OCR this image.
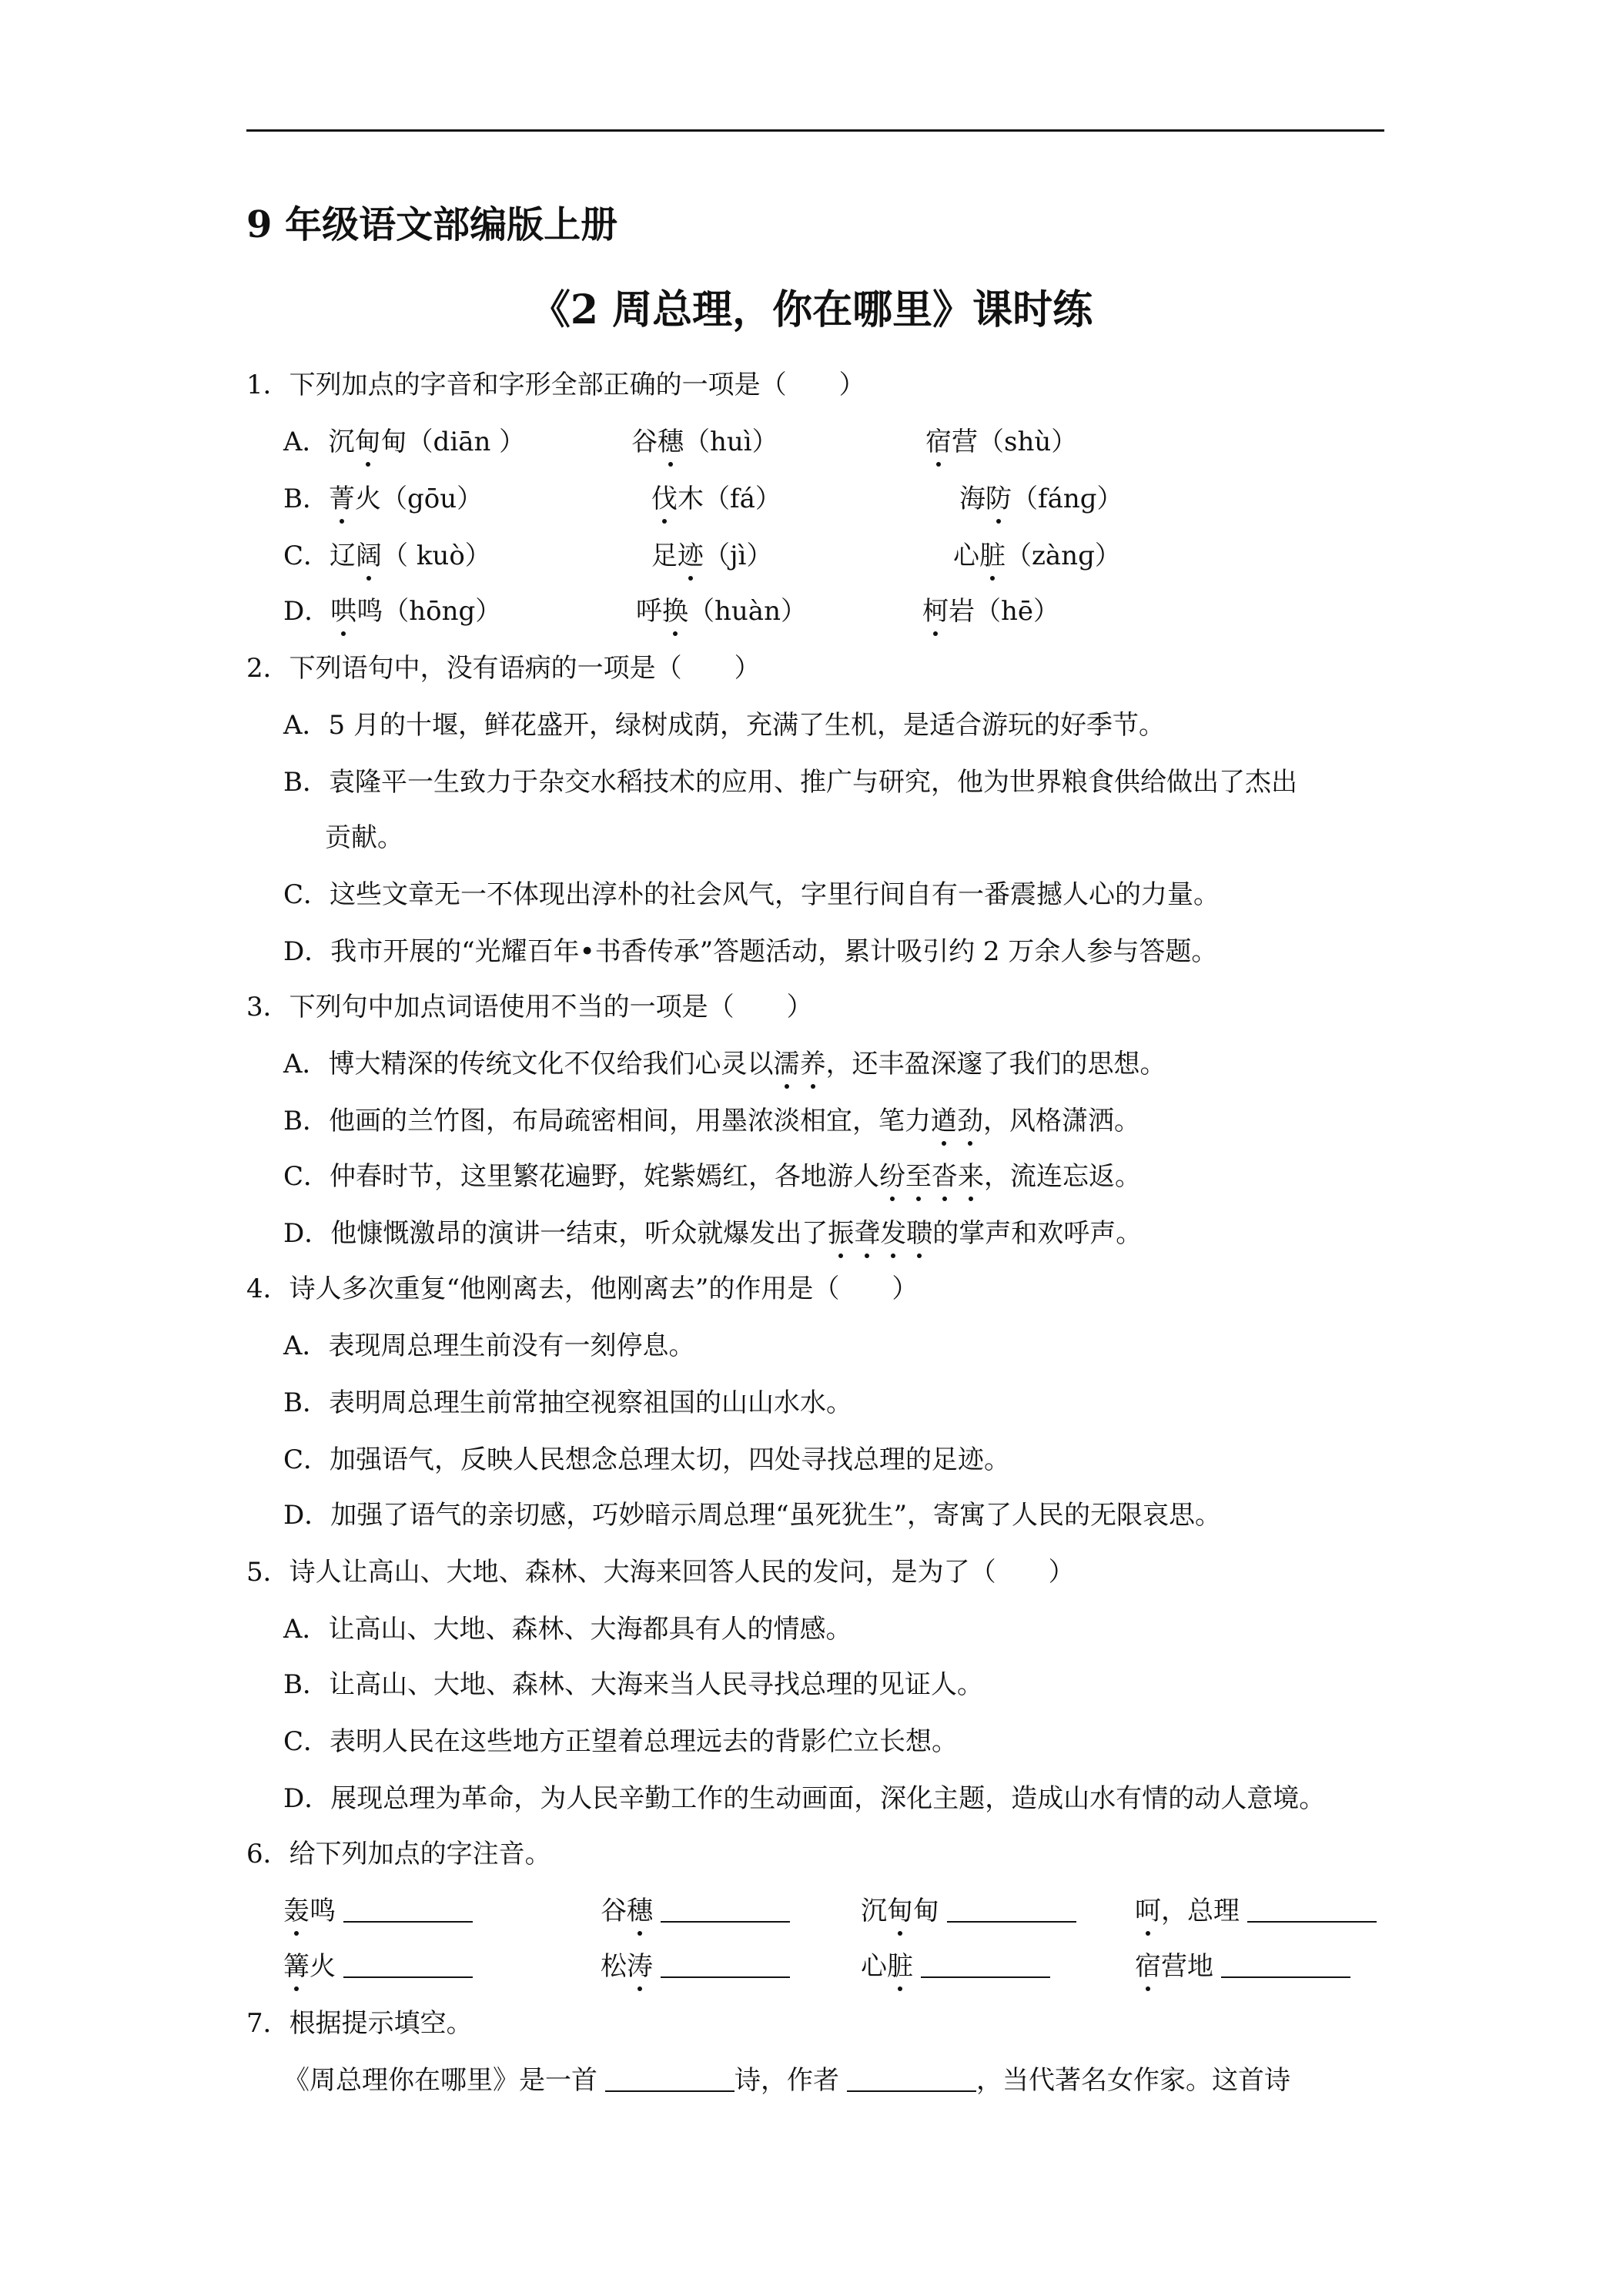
9 年级语文部编版上册
《2 周总理，你在哪里》课时练
1．下列加点的字音和字形全部正确的一项是（　　）
A．沉甸甸（diān ）	谷穗（huì）	宿营（shù）
B．菁火（gōu）	伐木（fá）	海防（fánɡ）
C．辽阔（ kuò）	足迹（jì）	心脏（zànɡ）
D．哄鸣（hōng）	呼换（huàn）	柯岩（hē）
2．下列语句中，没有语病的一项是（　　）
A．5 月的十堰，鲜花盛开，绿树成荫，充满了生机，是适合游玩的好季节。
B．袁隆平一生致力于杂交水稻技术的应用、推广与研究，他为世界粮食供给做出了杰出
贡献。
C．这些文章无一不体现出淳朴的社会风气，字里行间自有一番震撼人心的力量。
D．我市开展的“光耀百年•书香传承”答题活动，累计吸引约 2 万余人参与答题。
3．下列句中加点词语使用不当的一项是（　　）
A．博大精深的传统文化不仅给我们心灵以濡养，还丰盈深邃了我们的思想。
B．他画的兰竹图，布局疏密相间，用墨浓淡相宜，笔力遒劲，风格潇洒。
C．仲春时节，这里繁花遍野，姹紫嫣红，各地游人纷至沓来，流连忘返。
D．他慷慨激昂的演讲一结束，听众就爆发出了振聋发聩的掌声和欢呼声。
4．诗人多次重复“他刚离去，他刚离去”的作用是（　　）
A．表现周总理生前没有一刻停息。
B．表明周总理生前常抽空视察祖国的山山水水。
C．加强语气，反映人民想念总理太切，四处寻找总理的足迹。
D．加强了语气的亲切感，巧妙暗示周总理“虽死犹生”，寄寓了人民的无限哀思。
5．诗人让高山、大地、森林、大海来回答人民的发问，是为了（　　）
A．让高山、大地、森林、大海都具有人的情感。
B．让高山、大地、森林、大海来当人民寻找总理的见证人。
C．表明人民在这些地方正望着总理远去的背影伫立长想。
D．展现总理为革命，为人民辛勤工作的生动画面，深化主题，造成山水有情的动人意境。
6．给下列加点的字注音。
轰鸣	谷穗	沉甸甸	呵，总理
篝火	松涛	心脏	宿营地
7．根据提示填空。
《周总理你在哪里》是一首	诗，作者	，当代著名女作家。这首诗
